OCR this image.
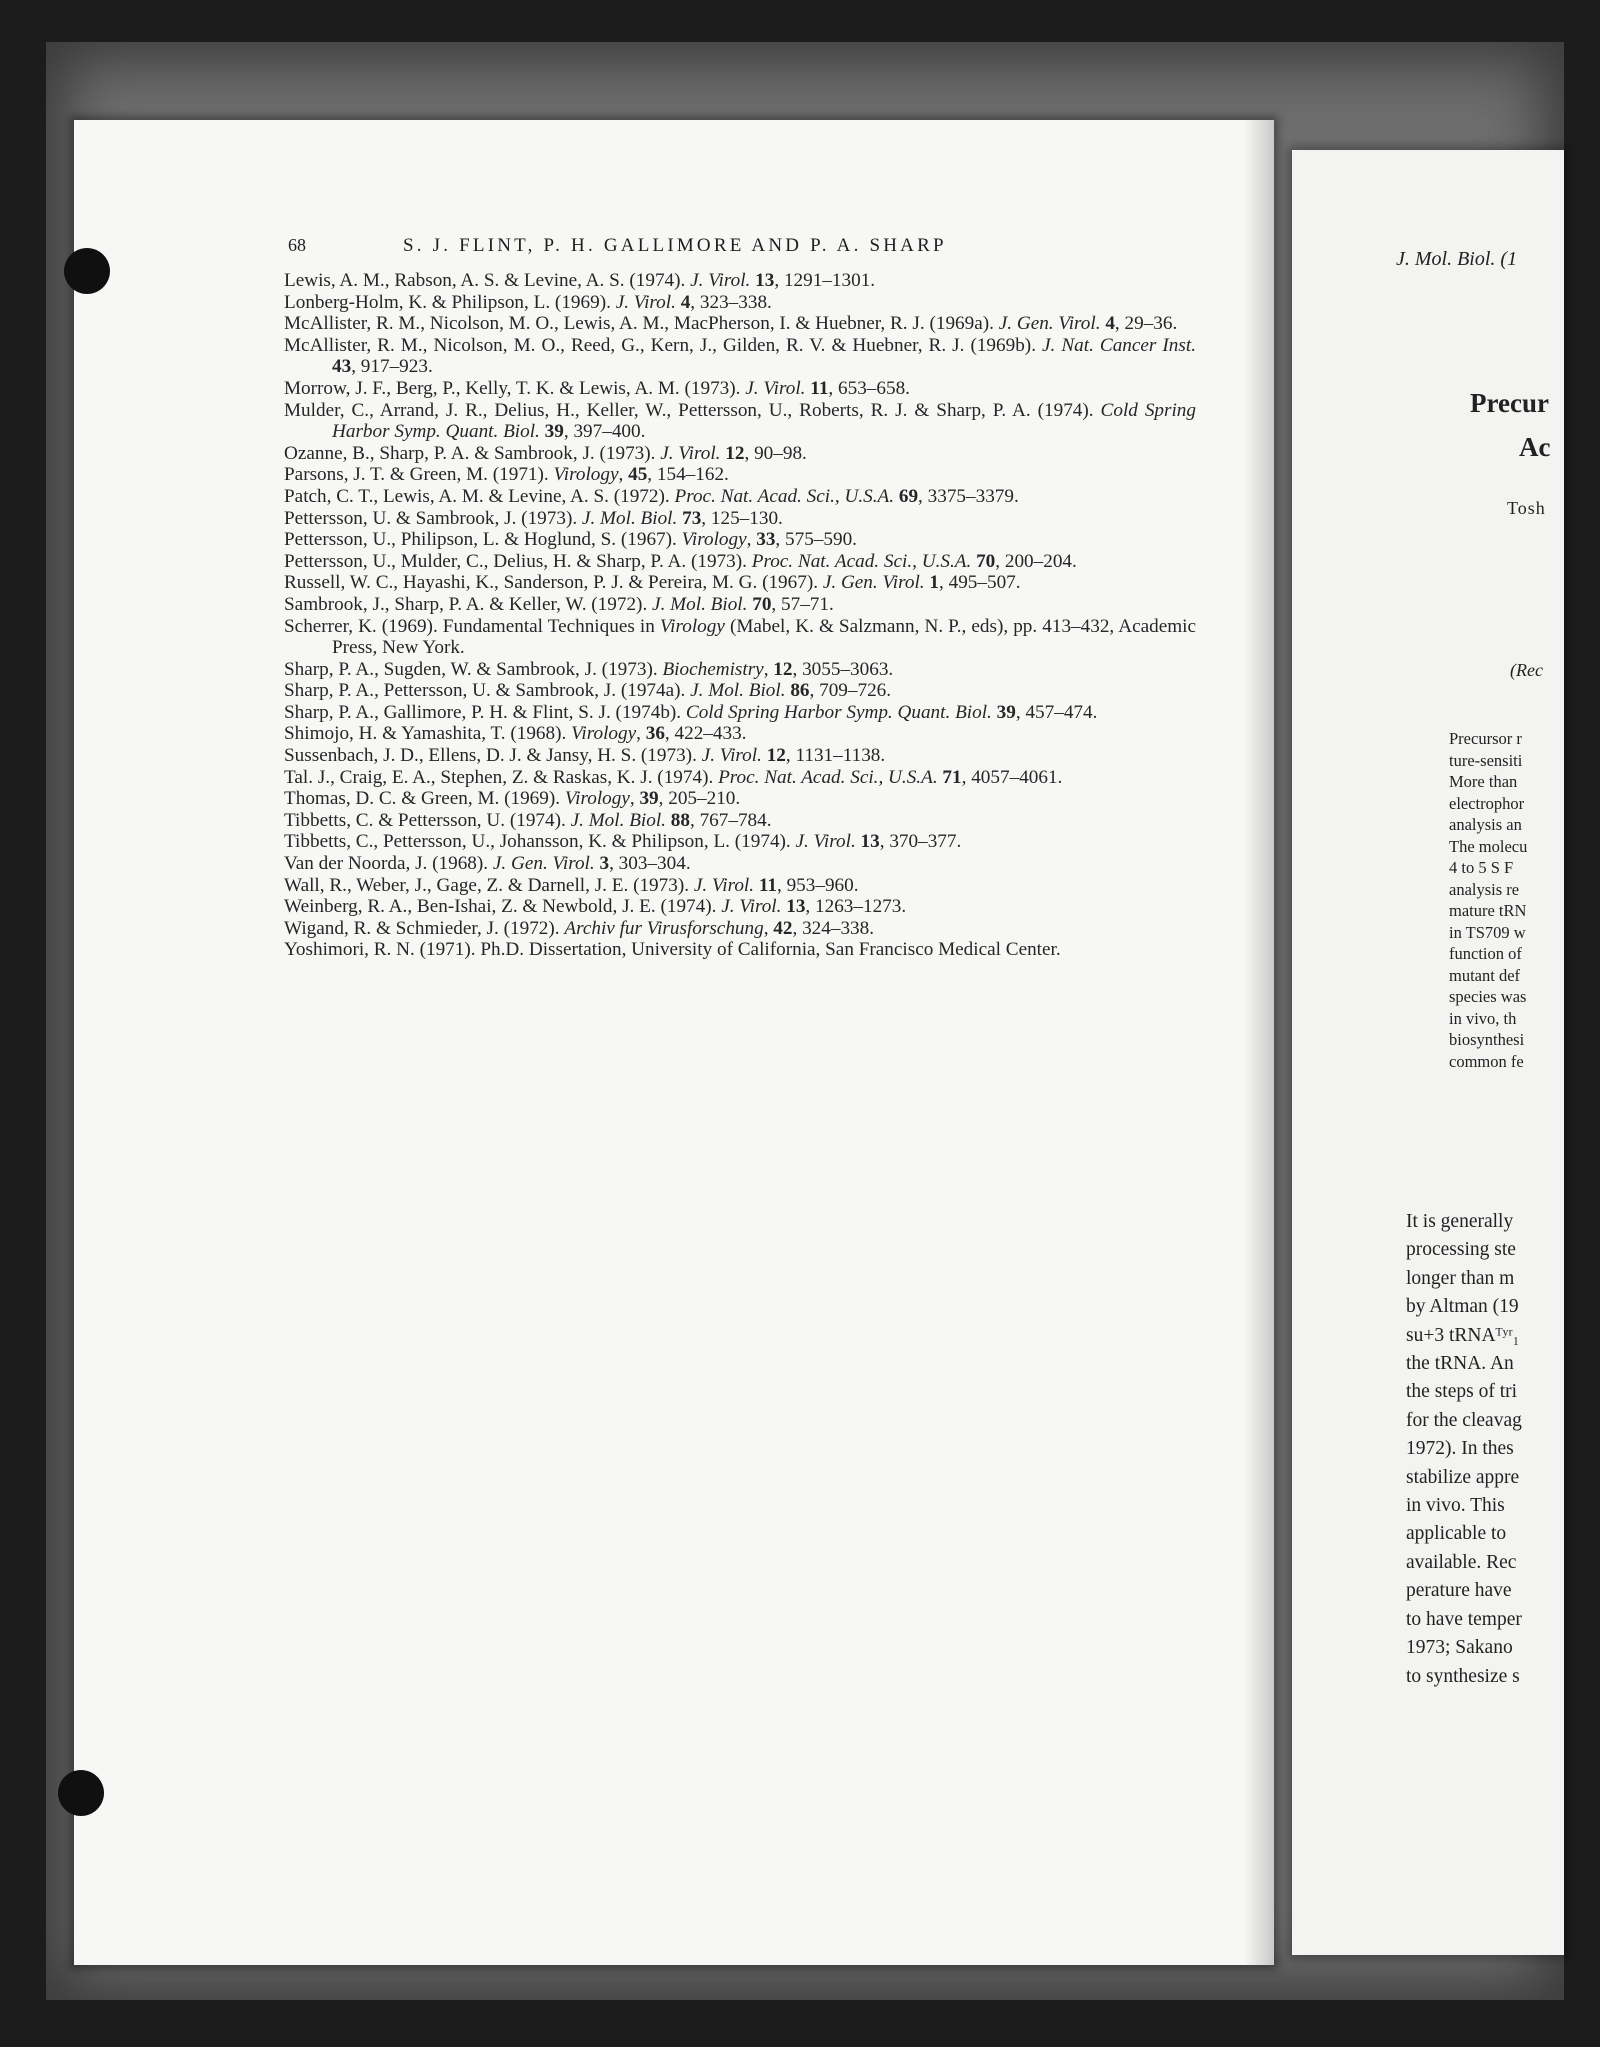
68	S. J. FLINT, P. H. GALLIMORE AND P. A. SHARP

Lewis, A. M., Rabson, A. S. & Levine, A. S. (1974). J. Virol. 13, 1291–1301.

Lonberg-Holm, K. & Philipson, L. (1969). J. Virol. 4, 323–338.

McAllister, R. M., Nicolson, M. O., Lewis, A. M., MacPherson, I. & Huebner, R. J. (1969a). J. Gen. Virol. 4, 29–36.

McAllister, R. M., Nicolson, M. O., Reed, G., Kern, J., Gilden, R. V. & Huebner, R. J. (1969b). J. Nat. Cancer Inst. 43, 917–923.

Morrow, J. F., Berg, P., Kelly, T. K. & Lewis, A. M. (1973). J. Virol. 11, 653–658.

Mulder, C., Arrand, J. R., Delius, H., Keller, W., Pettersson, U., Roberts, R. J. & Sharp, P. A. (1974). Cold Spring Harbor Symp. Quant. Biol. 39, 397–400.

Ozanne, B., Sharp, P. A. & Sambrook, J. (1973). J. Virol. 12, 90–98.

Parsons, J. T. & Green, M. (1971). Virology, 45, 154–162.

Patch, C. T., Lewis, A. M. & Levine, A. S. (1972). Proc. Nat. Acad. Sci., U.S.A. 69, 3375–3379.

Pettersson, U. & Sambrook, J. (1973). J. Mol. Biol. 73, 125–130.

Pettersson, U., Philipson, L. & Hoglund, S. (1967). Virology, 33, 575–590.

Pettersson, U., Mulder, C., Delius, H. & Sharp, P. A. (1973). Proc. Nat. Acad. Sci., U.S.A. 70, 200–204.

Russell, W. C., Hayashi, K., Sanderson, P. J. & Pereira, M. G. (1967). J. Gen. Virol. 1, 495–507.

Sambrook, J., Sharp, P. A. & Keller, W. (1972). J. Mol. Biol. 70, 57–71.

Scherrer, K. (1969). Fundamental Techniques in Virology (Mabel, K. & Salzmann, N. P., eds), pp. 413–432, Academic Press, New York.

Sharp, P. A., Sugden, W. & Sambrook, J. (1973). Biochemistry, 12, 3055–3063.

Sharp, P. A., Pettersson, U. & Sambrook, J. (1974a). J. Mol. Biol. 86, 709–726.

Sharp, P. A., Gallimore, P. H. & Flint, S. J. (1974b). Cold Spring Harbor Symp. Quant. Biol. 39, 457–474.

Shimojo, H. & Yamashita, T. (1968). Virology, 36, 422–433.

Sussenbach, J. D., Ellens, D. J. & Jansy, H. S. (1973). J. Virol. 12, 1131–1138.

Tal. J., Craig, E. A., Stephen, Z. & Raskas, K. J. (1974). Proc. Nat. Acad. Sci., U.S.A. 71, 4057–4061.

Thomas, D. C. & Green, M. (1969). Virology, 39, 205–210.

Tibbetts, C. & Pettersson, U. (1974). J. Mol. Biol. 88, 767–784.

Tibbetts, C., Pettersson, U., Johansson, K. & Philipson, L. (1974). J. Virol. 13, 370–377.

Van der Noorda, J. (1968). J. Gen. Virol. 3, 303–304.

Wall, R., Weber, J., Gage, Z. & Darnell, J. E. (1973). J. Virol. 11, 953–960.

Weinberg, R. A., Ben-Ishai, Z. & Newbold, J. E. (1974). J. Virol. 13, 1263–1273.

Wigand, R. & Schmieder, J. (1972). Archiv fur Virusforschung, 42, 324–338.

Yoshimori, R. N. (1971). Ph.D. Dissertation, University of California, San Francisco Medical Center.

J. Mol. Biol. (1
Precur
Ac
Tosh
(Rec
Precursor r
ture-sensiti
More than
electrophor
analysis an
The molecu
4 to 5 S F
analysis re
mature tRN
in TS709 w
function of
mutant def
species was
in vivo, th
biosynthesi
common fe
It is generally
processing ste
longer than m
by Altman (19
su+3 tRNAᵀʸʳ₁
the tRNA. An
the steps of tri
for the cleavag
1972). In thes
stabilize appre
in vivo. This
applicable to
available. Rec
perature have
to have temper
1973; Sakano
to synthesize s
